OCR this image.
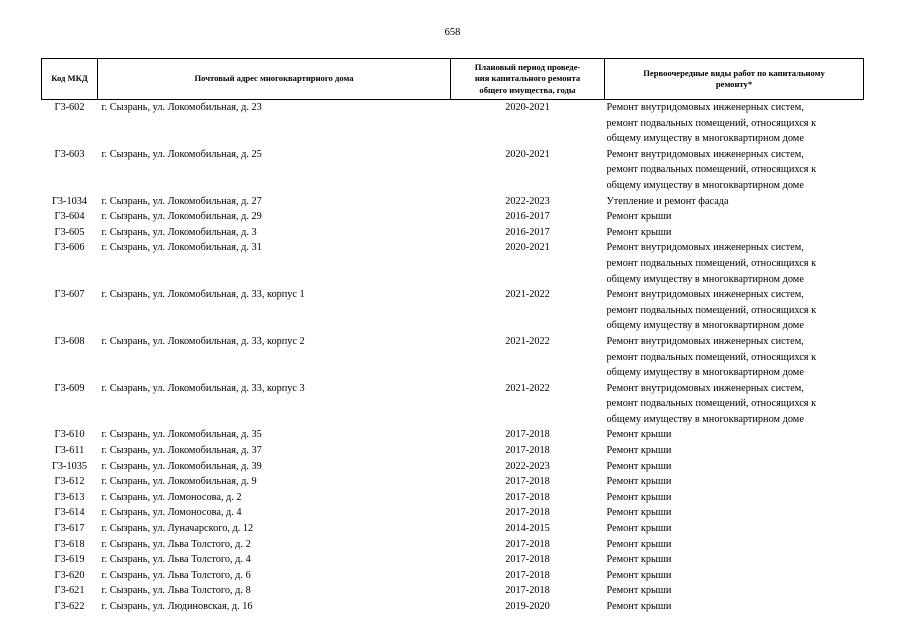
658
Код МКД	Почтовый адрес многоквартирного дома	Плановый период проведе-
ния капитального ремонта
общего имущества, годы	Первоочередные виды работ по капитальному
ремонту*
Г3-602	г. Сызрань, ул. Локомобильная, д. 23	2020-2021	Ремонт внутридомовых инженерных систем,
ремонт подвальных помещений, относящихся к
общему имуществу в многоквартирном доме
Г3-603	г. Сызрань, ул. Локомобильная, д. 25	2020-2021	Ремонт внутридомовых инженерных систем,
ремонт подвальных помещений, относящихся к
общему имуществу в многоквартирном доме
Г3-1034	г. Сызрань, ул. Локомобильная, д. 27	2022-2023	Утепление и ремонт фасада
Г3-604	г. Сызрань, ул. Локомобильная, д. 29	2016-2017	Ремонт крыши
Г3-605	г. Сызрань, ул. Локомобильная, д. 3	2016-2017	Ремонт крыши
Г3-606	г. Сызрань, ул. Локомобильная, д. 31	2020-2021	Ремонт внутридомовых инженерных систем,
ремонт подвальных помещений, относящихся к
общему имуществу в многоквартирном доме
Г3-607	г. Сызрань, ул. Локомобильная, д. 33, корпус 1	2021-2022	Ремонт внутридомовых инженерных систем,
ремонт подвальных помещений, относящихся к
общему имуществу в многоквартирном доме
Г3-608	г. Сызрань, ул. Локомобильная, д. 33, корпус 2	2021-2022	Ремонт внутридомовых инженерных систем,
ремонт подвальных помещений, относящихся к
общему имуществу в многоквартирном доме
Г3-609	г. Сызрань, ул. Локомобильная, д. 33, корпус 3	2021-2022	Ремонт внутридомовых инженерных систем,
ремонт подвальных помещений, относящихся к
общему имуществу в многоквартирном доме
Г3-610	г. Сызрань, ул. Локомобильная, д. 35	2017-2018	Ремонт крыши
Г3-611	г. Сызрань, ул. Локомобильная, д. 37	2017-2018	Ремонт крыши
Г3-1035	г. Сызрань, ул. Локомобильная, д. 39	2022-2023	Ремонт крыши
Г3-612	г. Сызрань, ул. Локомобильная, д. 9	2017-2018	Ремонт крыши
Г3-613	г. Сызрань, ул. Ломоносова, д. 2	2017-2018	Ремонт крыши
Г3-614	г. Сызрань, ул. Ломоносова, д. 4	2017-2018	Ремонт крыши
Г3-617	г. Сызрань, ул. Луначарского, д. 12	2014-2015	Ремонт крыши
Г3-618	г. Сызрань, ул. Льва Толстого, д. 2	2017-2018	Ремонт крыши
Г3-619	г. Сызрань, ул. Льва Толстого, д. 4	2017-2018	Ремонт крыши
Г3-620	г. Сызрань, ул. Льва Толстого, д. 6	2017-2018	Ремонт крыши
Г3-621	г. Сызрань, ул. Льва Толстого, д. 8	2017-2018	Ремонт крыши
Г3-622	г. Сызрань, ул. Людиновская, д. 16	2019-2020	Ремонт крыши
